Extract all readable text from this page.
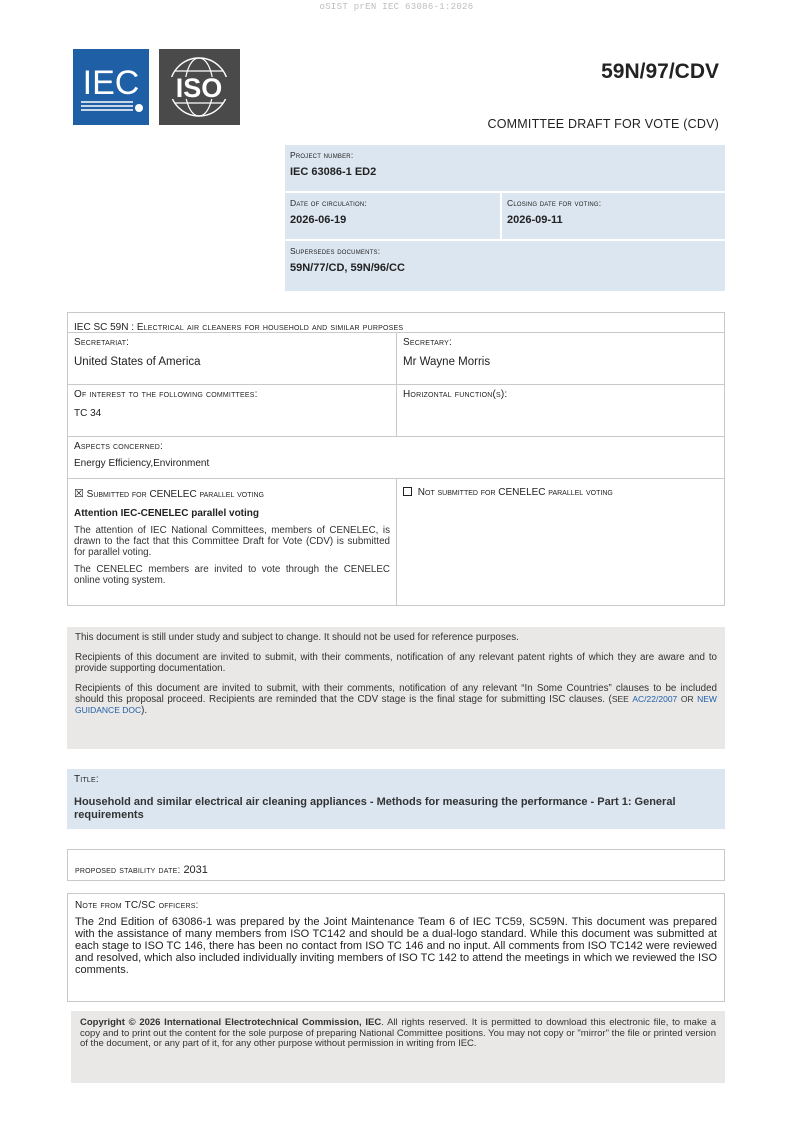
oSIST prEN IEC 63086-1:2026
IEC ISO
59N/97/CDV
COMMITTEE DRAFT FOR VOTE (CDV)
Project number:
IEC 63086-1 ED2
Date of circulation:
2026-06-19
Closing date for voting:
2026-09-11
Supersedes documents:
59N/77/CD, 59N/96/CC
IEC SC 59N : Electrical air cleaners for household and similar purposes
Secretariat:
United States of America
Secretary:
Mr Wayne Morris
Of interest to the following committees:
TC 34
Horizontal function(s):
Aspects concerned:
Energy Efficiency,Environment
☒ Submitted for CENELEC parallel voting
Attention IEC-CENELEC parallel voting
The attention of IEC National Committees, members of CENELEC, is drawn to the fact that this Committee Draft for Vote (CDV) is submitted for parallel voting.
The CENELEC members are invited to vote through the CENELEC online voting system.
Not submitted for CENELEC parallel voting

This document is still under study and subject to change. It should not be used for reference purposes.

Recipients of this document are invited to submit, with their comments, notification of any relevant patent rights of which they are aware and to provide supporting documentation.

Recipients of this document are invited to submit, with their comments, notification of any relevant “In Some Countries” clauses to be included should this proposal proceed. Recipients are reminded that the CDV stage is the final stage for submitting ISC clauses. (SEE AC/22/2007 OR NEW GUIDANCE DOC).

Title:
Household and similar electrical air cleaning appliances - Methods for measuring the performance - Part 1: General requirements
proposed stability date: 2031
Note from TC/SC officers:
The 2nd Edition of 63086-1 was prepared by the Joint Maintenance Team 6 of IEC TC59, SC59N. This document was prepared with the assistance of many members from ISO TC142 and should be a dual-logo standard. While this document was submitted at each stage to ISO TC 146, there has been no contact from ISO TC 146 and no input. All comments from ISO TC142 were reviewed and resolved, which also included individually inviting members of ISO TC 142 to attend the meetings in which we reviewed the ISO comments.
Copyright © 2026 International Electrotechnical Commission, IEC. All rights reserved. It is permitted to download this electronic file, to make a copy and to print out the content for the sole purpose of preparing National Committee positions. You may not copy or "mirror" the file or printed version of the document, or any part of it, for any other purpose without permission in writing from IEC.
